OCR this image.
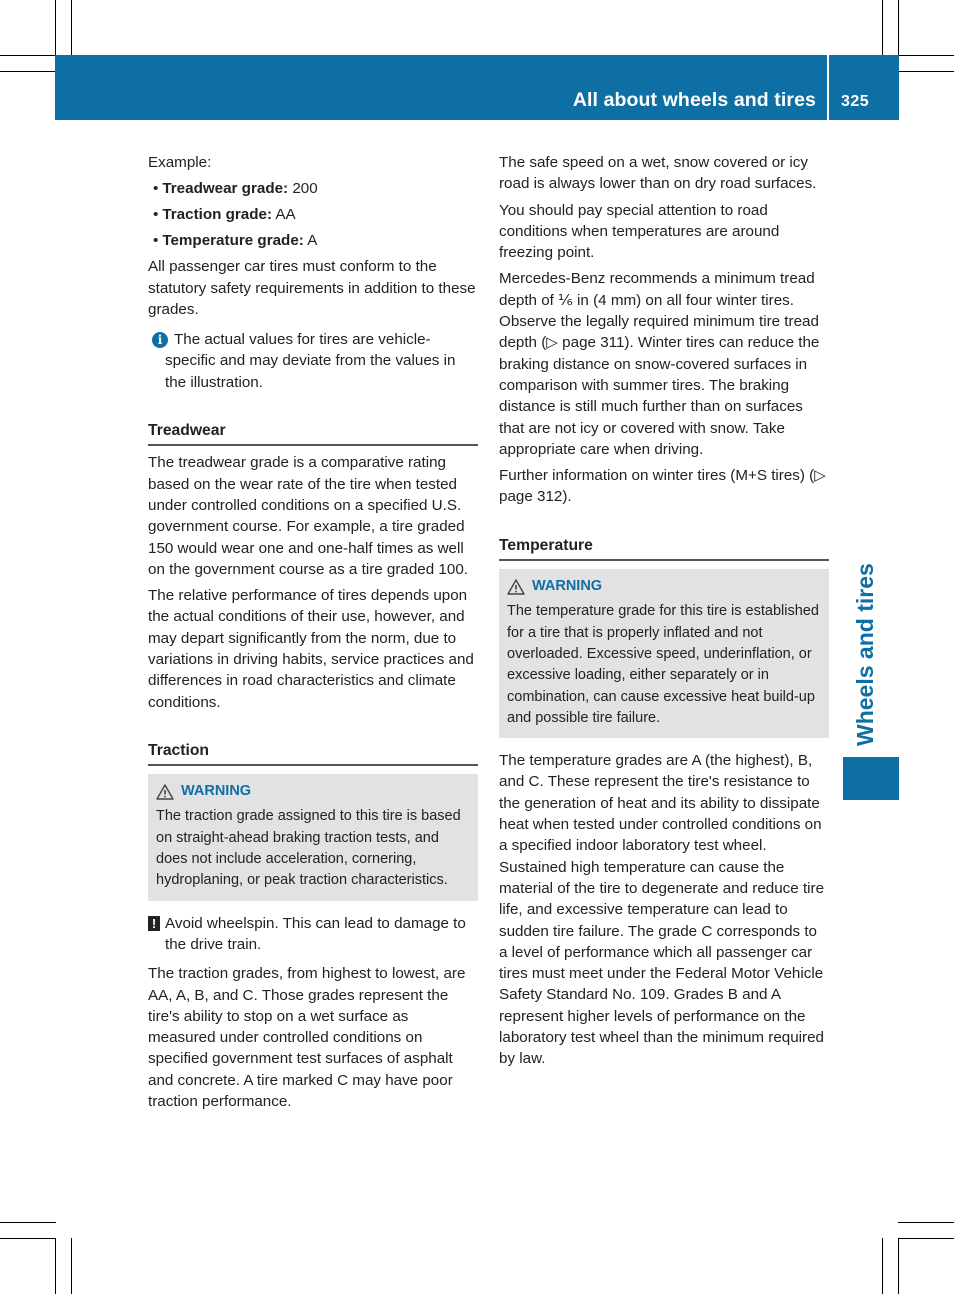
All about wheels and tires 325
Wheels and tires

Example:

• Treadwear grade: 200
• Traction grade: AA
• Temperature grade: A

All passenger car tires must conform to the statutory safety requirements in addition to these grades.

i The actual values for tires are vehicle-specific and may deviate from the values in the illustration.
Treadwear

The treadwear grade is a comparative rating based on the wear rate of the tire when tested under controlled conditions on a specified U.S. government course. For example, a tire graded 150 would wear one and one-half times as well on the government course as a tire graded 100.

The relative performance of tires depends upon the actual conditions of their use, however, and may depart significantly from the norm, due to variations in driving habits, service practices and differences in road characteristics and climate conditions.

Traction
WARNING
The traction grade assigned to this tire is based on straight-ahead braking traction tests, and does not include acceleration, cornering, hydroplaning, or peak traction characteristics.
! Avoid wheelspin. This can lead to damage to the drive train.

The traction grades, from highest to lowest, are AA, A, B, and C. Those grades represent the tire's ability to stop on a wet surface as measured under controlled conditions on specified government test surfaces of asphalt and concrete. A tire marked C may have poor traction performance.

The safe speed on a wet, snow covered or icy road is always lower than on dry road surfaces.

You should pay special attention to road conditions when temperatures are around freezing point.

Mercedes-Benz recommends a minimum tread depth of ⅙ in (4 mm) on all four winter tires. Observe the legally required minimum tire tread depth (▷ page 311). Winter tires can reduce the braking distance on snow-covered surfaces in comparison with summer tires. The braking distance is still much further than on surfaces that are not icy or covered with snow. Take appropriate care when driving.

Further information on winter tires (M+S tires) (▷ page 312).

Temperature
WARNING
The temperature grade for this tire is established for a tire that is properly inflated and not overloaded. Excessive speed, underinflation, or excessive loading, either separately or in combination, can cause excessive heat build-up and possible tire failure.

The temperature grades are A (the highest), B, and C. These represent the tire's resistance to the generation of heat and its ability to dissipate heat when tested under controlled conditions on a specified indoor laboratory test wheel. Sustained high temperature can cause the material of the tire to degenerate and reduce tire life, and excessive temperature can lead to sudden tire failure. The grade C corresponds to a level of performance which all passenger car tires must meet under the Federal Motor Vehicle Safety Standard No. 109. Grades B and A represent higher levels of performance on the laboratory test wheel than the minimum required by law.
